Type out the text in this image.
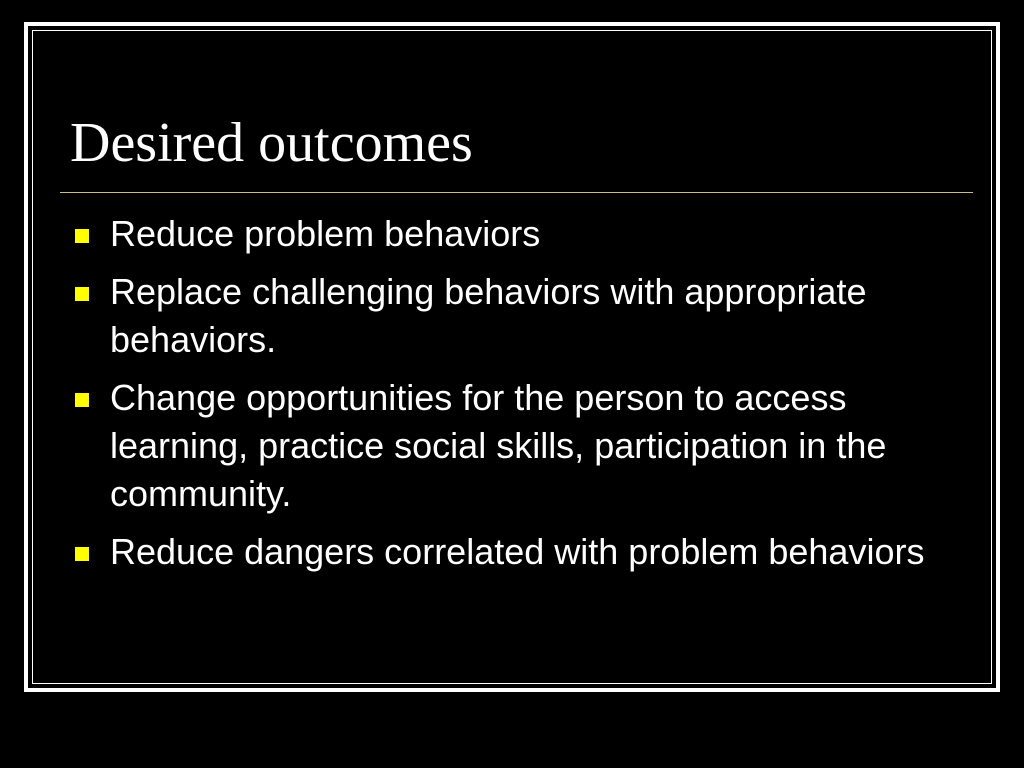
Desired outcomes
Reduce problem behaviors
Replace challenging behaviors with appropriate behaviors.
Change opportunities for the person to access learning, practice social skills, participation in the community.
Reduce dangers correlated with problem behaviors
